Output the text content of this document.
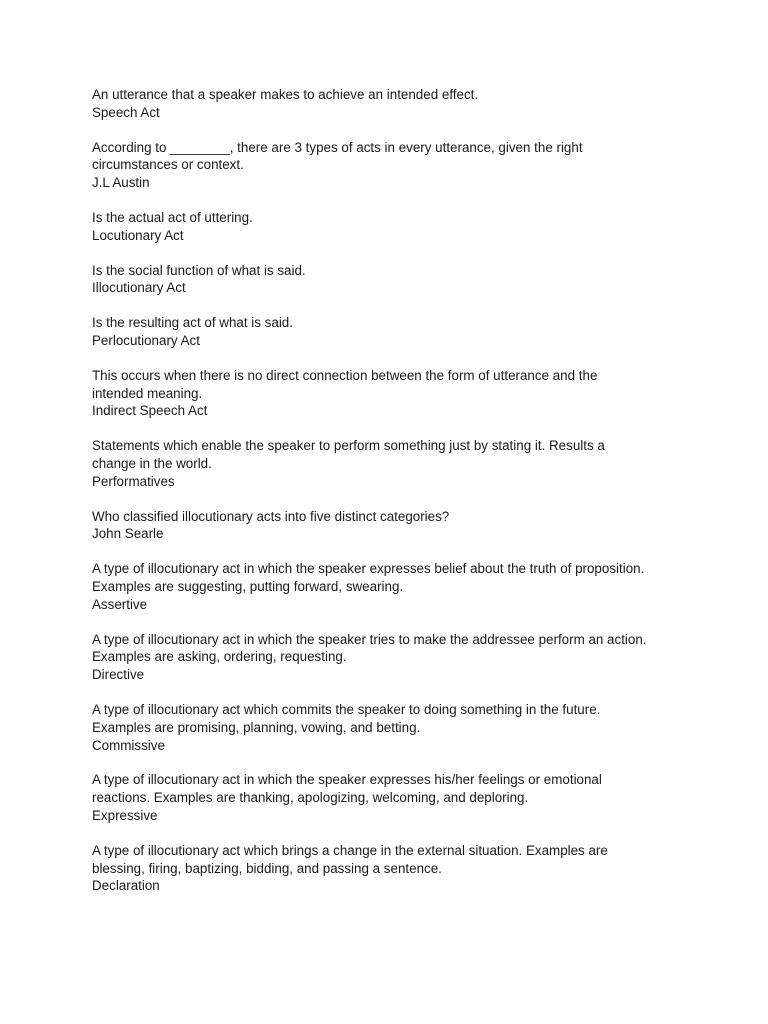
An utterance that a speaker makes to achieve an intended effect.

Speech Act

According to ________, there are 3 types of acts in every utterance, given the right circumstances or context.

J.L Austin

Is the actual act of uttering.

Locutionary Act

Is the social function of what is said.

Illocutionary Act

Is the resulting act of what is said.

Perlocutionary Act

This occurs when there is no direct connection between the form of utterance and the intended meaning.

Indirect Speech Act

Statements which enable the speaker to perform something just by stating it. Results a change in the world.

Performatives

Who classified illocutionary acts into five distinct categories?

John Searle

A type of illocutionary act in which the speaker expresses belief about the truth of proposition. Examples are suggesting, putting forward, swearing.

Assertive

A type of illocutionary act in which the speaker tries to make the addressee perform an action. Examples are asking, ordering, requesting.

Directive

A type of illocutionary act which commits the speaker to doing something in the future. Examples are promising, planning, vowing, and betting.

Commissive

A type of illocutionary act in which the speaker expresses his/her feelings or emotional reactions. Examples are thanking, apologizing, welcoming, and deploring.

Expressive

A type of illocutionary act which brings a change in the external situation. Examples are blessing, firing, baptizing, bidding, and passing a sentence.

Declaration
